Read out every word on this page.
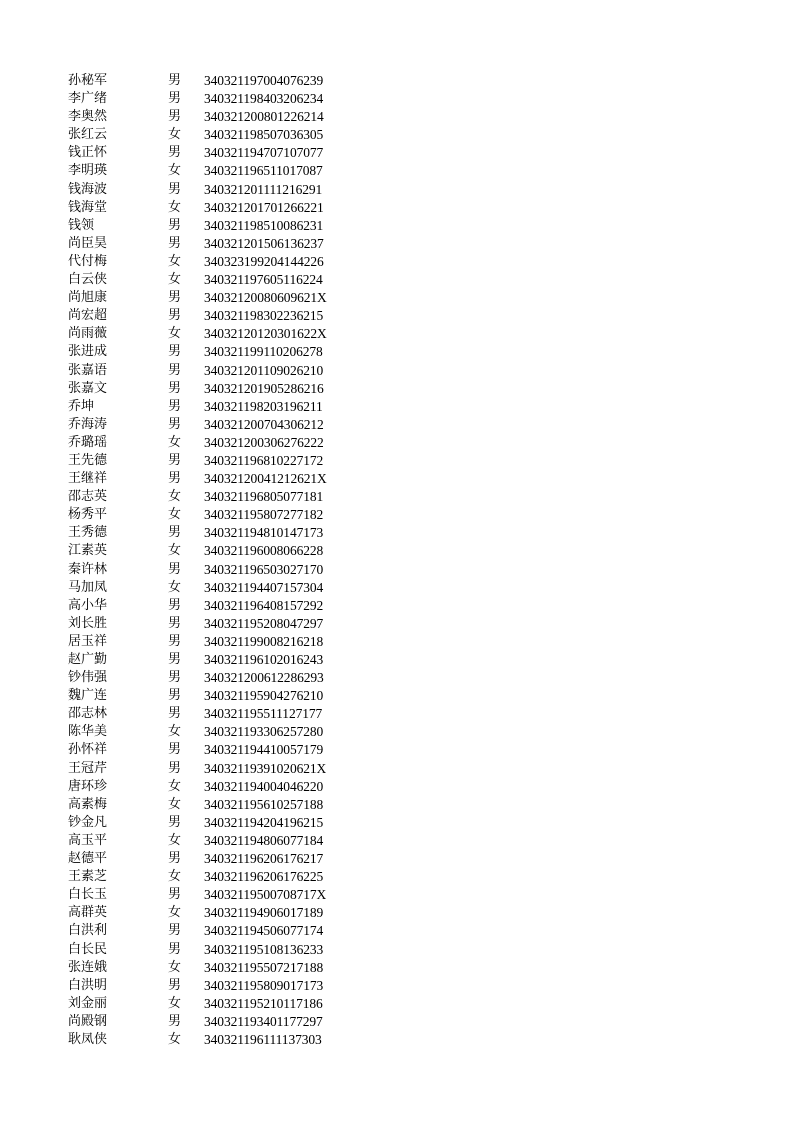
孙秘军	男	340321197004076239
李广绪	男	340321198403206234
李奥然	男	340321200801226214
张红云	女	340321198507036305
钱正怀	男	340321194707107077
李明瑛	女	340321196511017087
钱海波	男	340321201111216291
钱海堂	女	340321201701266221
钱领	男	340321198510086231
尚臣昊	男	340321201506136237
代付梅	女	340323199204144226
白云侠	女	340321197605116224
尚旭康	男	34032120080609621X
尚宏超	男	340321198302236215
尚雨薇	女	34032120120301622X
张进成	男	340321199110206278
张嘉语	男	340321201109026210
张嘉文	男	340321201905286216
乔坤	男	340321198203196211
乔海涛	男	340321200704306212
乔璐瑶	女	340321200306276222
王先德	男	340321196810227172
王继祥	男	34032120041212621X
邵志英	女	340321196805077181
杨秀平	女	340321195807277182
王秀德	男	340321194810147173
江素英	女	340321196008066228
秦许林	男	340321196503027170
马加凤	女	340321194407157304
高小华	男	340321196408157292
刘长胜	男	340321195208047297
居玉祥	男	340321199008216218
赵广勤	男	340321196102016243
钞伟强	男	340321200612286293
魏广连	男	340321195904276210
邵志林	男	340321195511127177
陈华美	女	340321193306257280
孙怀祥	男	340321194410057179
王冠芹	男	34032119391020621X
唐环珍	女	340321194004046220
高素梅	女	340321195610257188
钞金凡	男	340321194204196215
高玉平	女	340321194806077184
赵德平	男	340321196206176217
王素芝	女	340321196206176225
白长玉	男	34032119500708717X
高群英	女	340321194906017189
白洪利	男	340321194506077174
白长民	男	340321195108136233
张连娥	女	340321195507217188
白洪明	男	340321195809017173
刘金丽	女	340321195210117186
尚殿钢	男	340321193401177297
耿凤侠	女	340321196111137303
